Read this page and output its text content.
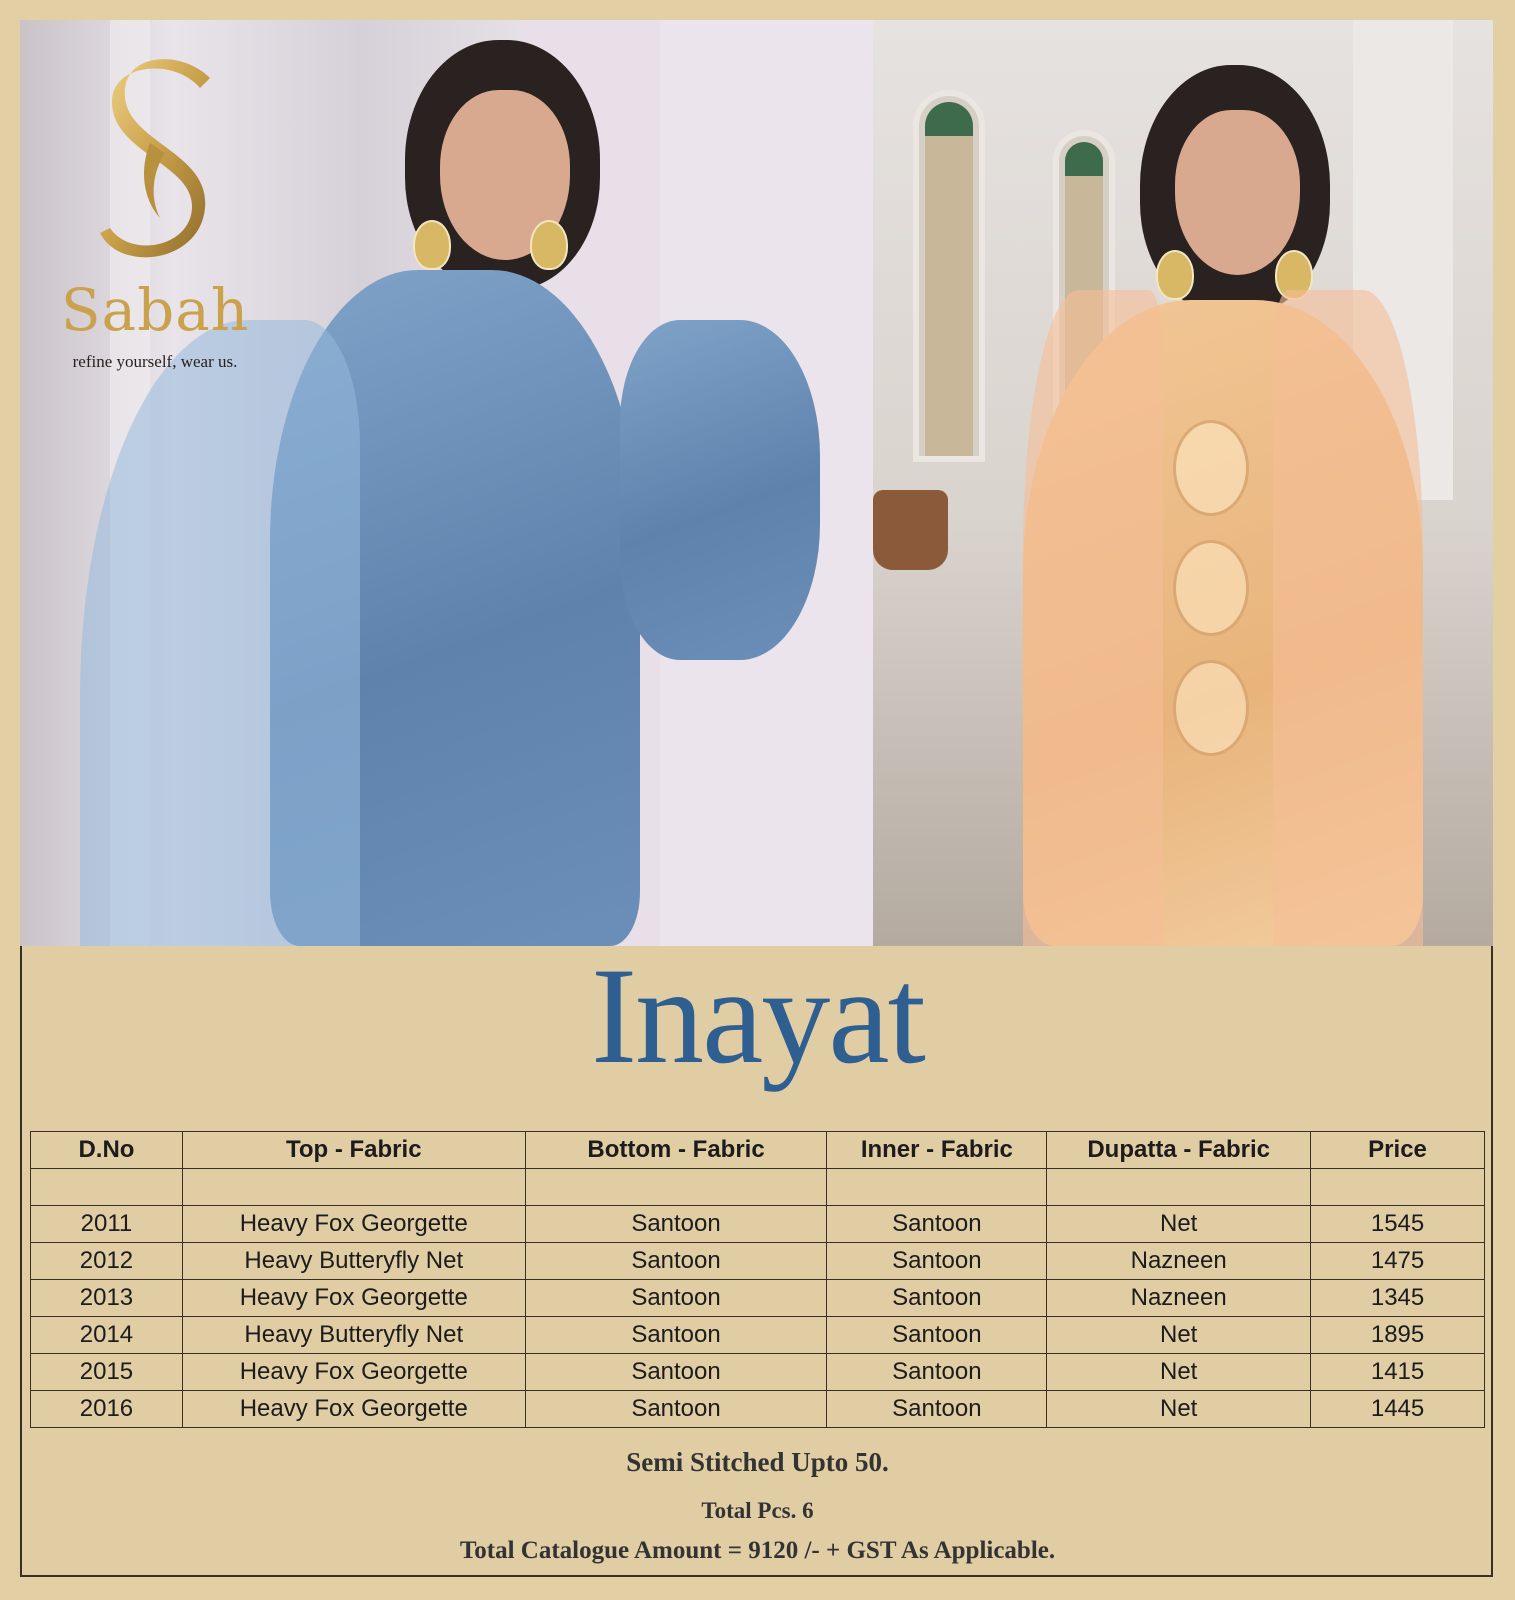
Sabah
refine yourself, wear us.
Inayat
D.No	Top - Fabric	Bottom - Fabric	Inner - Fabric	Dupatta - Fabric	Price

2011	Heavy Fox Georgette	Santoon	Santoon	Net	1545
2012	Heavy Butteryfly Net	Santoon	Santoon	Nazneen	1475
2013	Heavy Fox Georgette	Santoon	Santoon	Nazneen	1345
2014	Heavy Butteryfly Net	Santoon	Santoon	Net	1895
2015	Heavy Fox Georgette	Santoon	Santoon	Net	1415
2016	Heavy Fox Georgette	Santoon	Santoon	Net	1445
Semi Stitched Upto 50.
Total Pcs. 6
Total Catalogue Amount = 9120 /- + GST As Applicable.
